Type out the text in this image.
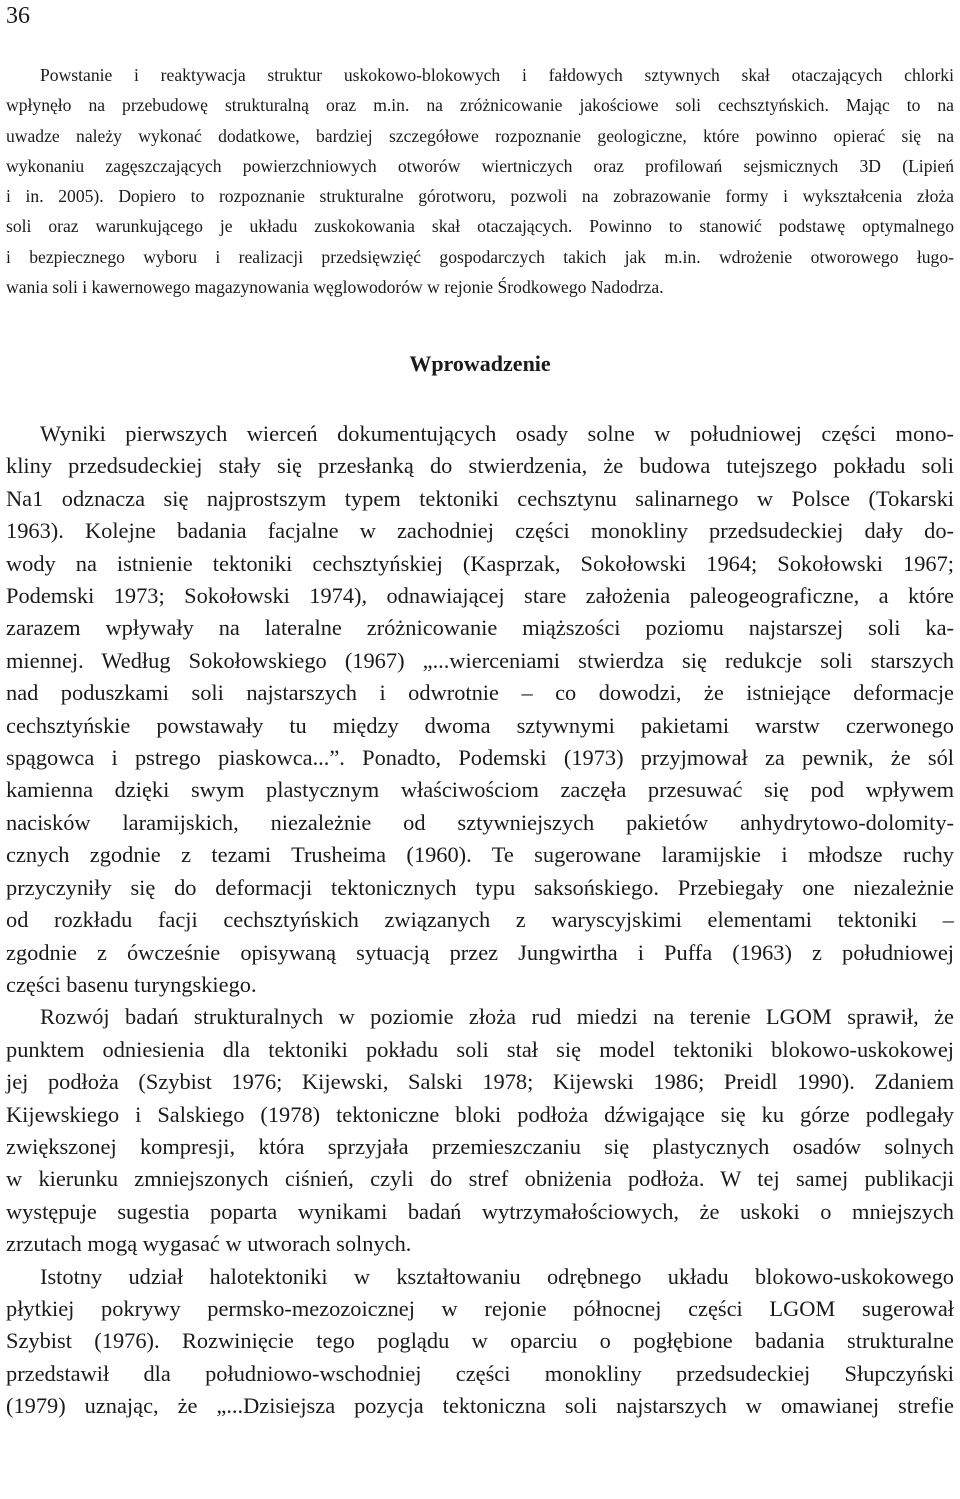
36
Powstanie i reaktywacja struktur uskokowo-blokowych i fałdowych sztywnych skał otaczających chlorki
wpłynęło na przebudowę strukturalną oraz m.in. na zróżnicowanie jakościowe soli cechsztyńskich. Mając to na
uwadze należy wykonać dodatkowe, bardziej szczegółowe rozpoznanie geologiczne, które powinno opierać się na
wykonaniu zagęszczających powierzchniowych otworów wiertniczych oraz profilowań sejsmicznych 3D (Lipień
i in. 2005). Dopiero to rozpoznanie strukturalne górotworu, pozwoli na zobrazowanie formy i wykształcenia złoża
soli oraz warunkującego je układu zuskokowania skał otaczających. Powinno to stanowić podstawę optymalnego
i bezpiecznego wyboru i realizacji przedsięwzięć gospodarczych takich jak m.in. wdrożenie otworowego ługo-
wania soli i kawernowego magazynowania węglowodorów w rejonie Środkowego Nadodrza.
Wprowadzenie
Wyniki pierwszych wierceń dokumentujących osady solne w południowej części mono-
kliny przedsudeckiej stały się przesłanką do stwierdzenia, że budowa tutejszego pokładu soli
Na1 odznacza się najprostszym typem tektoniki cechsztynu salinarnego w Polsce (Tokarski
1963). Kolejne badania facjalne w zachodniej części monokliny przedsudeckiej dały do-
wody na istnienie tektoniki cechsztyńskiej (Kasprzak, Sokołowski 1964; Sokołowski 1967;
Podemski 1973; Sokołowski 1974), odnawiającej stare założenia paleogeograficzne, a które
zarazem wpływały na lateralne zróżnicowanie miąższości poziomu najstarszej soli ka-
miennej. Według Sokołowskiego (1967) „...wierceniami stwierdza się redukcje soli starszych
nad poduszkami soli najstarszych i odwrotnie – co dowodzi, że istniejące deformacje
cechsztyńskie powstawały tu między dwoma sztywnymi pakietami warstw czerwonego
spągowca i pstrego piaskowca...”. Ponadto, Podemski (1973) przyjmował za pewnik, że sól
kamienna dzięki swym plastycznym właściwościom zaczęła przesuwać się pod wpływem
nacisków laramijskich, niezależnie od sztywniejszych pakietów anhydrytowo-dolomity-
cznych zgodnie z tezami Trusheima (1960). Te sugerowane laramijskie i młodsze ruchy
przyczyniły się do deformacji tektonicznych typu saksońskiego. Przebiegały one niezależnie
od rozkładu facji cechsztyńskich związanych z waryscyjskimi elementami tektoniki –
zgodnie z ówcześnie opisywaną sytuacją przez Jungwirtha i Puffa (1963) z południowej
części basenu turyngskiego.
Rozwój badań strukturalnych w poziomie złoża rud miedzi na terenie LGOM sprawił, że
punktem odniesienia dla tektoniki pokładu soli stał się model tektoniki blokowo-uskokowej
jej podłoża (Szybist 1976; Kijewski, Salski 1978; Kijewski 1986; Preidl 1990). Zdaniem
Kijewskiego i Salskiego (1978) tektoniczne bloki podłoża dźwigające się ku górze podlegały
zwiększonej kompresji, która sprzyjała przemieszczaniu się plastycznych osadów solnych
w kierunku zmniejszonych ciśnień, czyli do stref obniżenia podłoża. W tej samej publikacji
występuje sugestia poparta wynikami badań wytrzymałościowych, że uskoki o mniejszych
zrzutach mogą wygasać w utworach solnych.
Istotny udział halotektoniki w kształtowaniu odrębnego układu blokowo-uskokowego
płytkiej pokrywy permsko-mezozoicznej w rejonie północnej części LGOM sugerował
Szybist (1976). Rozwinięcie tego poglądu w oparciu o pogłębione badania strukturalne
przedstawił dla południowo-wschodniej części monokliny przedsudeckiej Słupczyński
(1979) uznając, że „...Dzisiejsza pozycja tektoniczna soli najstarszych w omawianej strefie
